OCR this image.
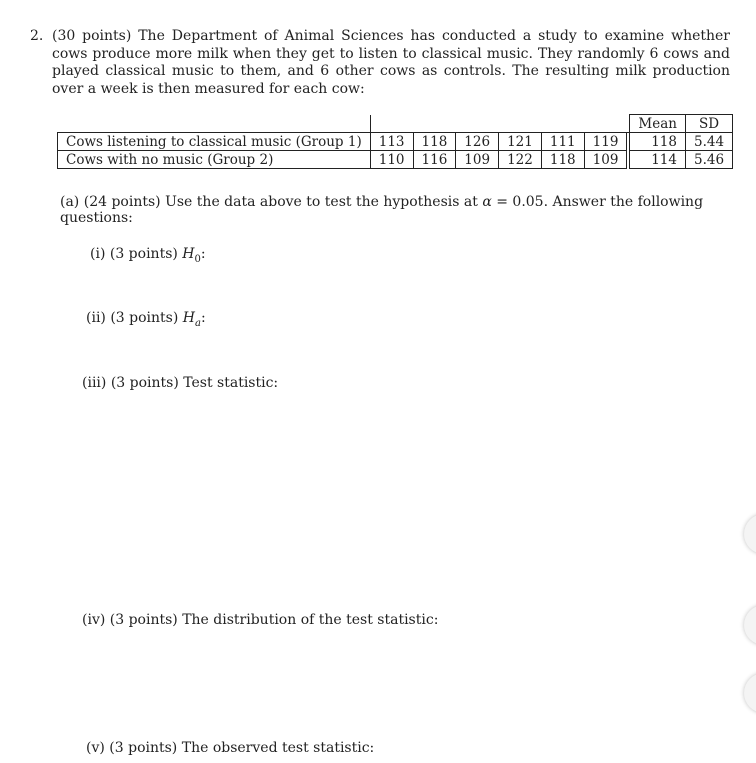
2. (30 points) The Department of Animal Sciences has conducted a study to examine whether cows produce more milk when they get to listen to classical music. They randomly 6 cows and played classical music to them, and 6 other cows as controls. The resulting milk production over a week is then measured for each cow:
								Mean	SD
Cows listening to classical music (Group 1)	113	118	126	121	111	119		118	5.44
Cows with no music (Group 2)	110	116	109	122	118	109		114	5.46
(a) (24 points) Use the data above to test the hypothesis at α = 0.05. Answer the following questions:
(i) (3 points) $H_0$:
(ii) (3 points) $H_a$:
(iii) (3 points) Test statistic:
(iv) (3 points) The distribution of the test statistic:
(v) (3 points) The observed test statistic:
